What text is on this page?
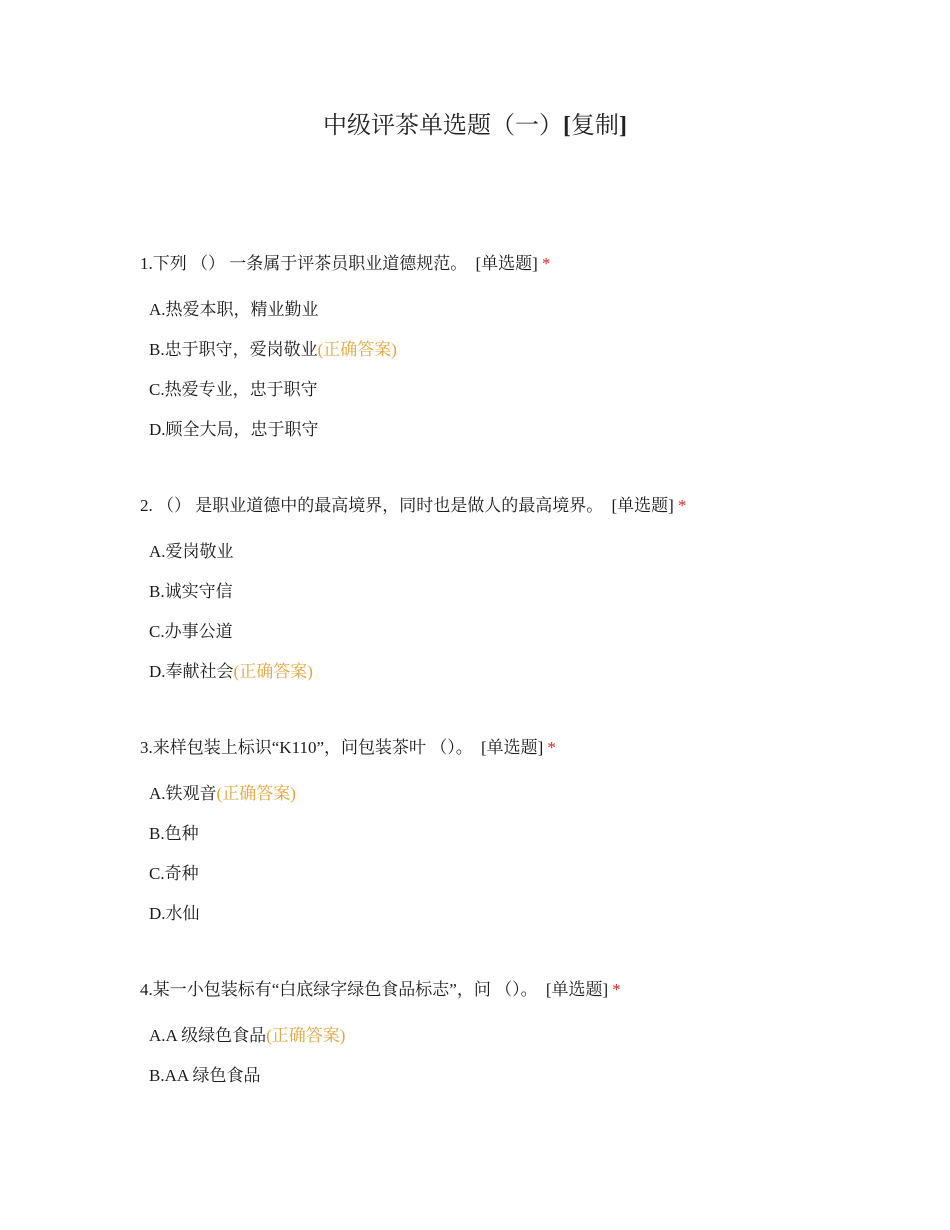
中级评茶单选题（一）[复制]

1.下列 （） 一条属于评茶员职业道德规范。 [单选题] *

A.热爱本职，精业勤业
B.忠于职守，爱岗敬业(正确答案)
C.热爱专业，忠于职守
D.顾全大局，忠于职守

2. （） 是职业道德中的最高境界，同时也是做人的最高境界。 [单选题] *

A.爱岗敬业
B.诚实守信
C.办事公道
D.奉献社会(正确答案)

3.来样包装上标识“K110”，问包装茶叶 （）。 [单选题] *

A.铁观音(正确答案)
B.色种
C.奇种
D.水仙

4.某一小包装标有“白底绿字绿色食品标志”，问 （）。 [单选题] *

A.A 级绿色食品(正确答案)
B.AA 绿色食品
